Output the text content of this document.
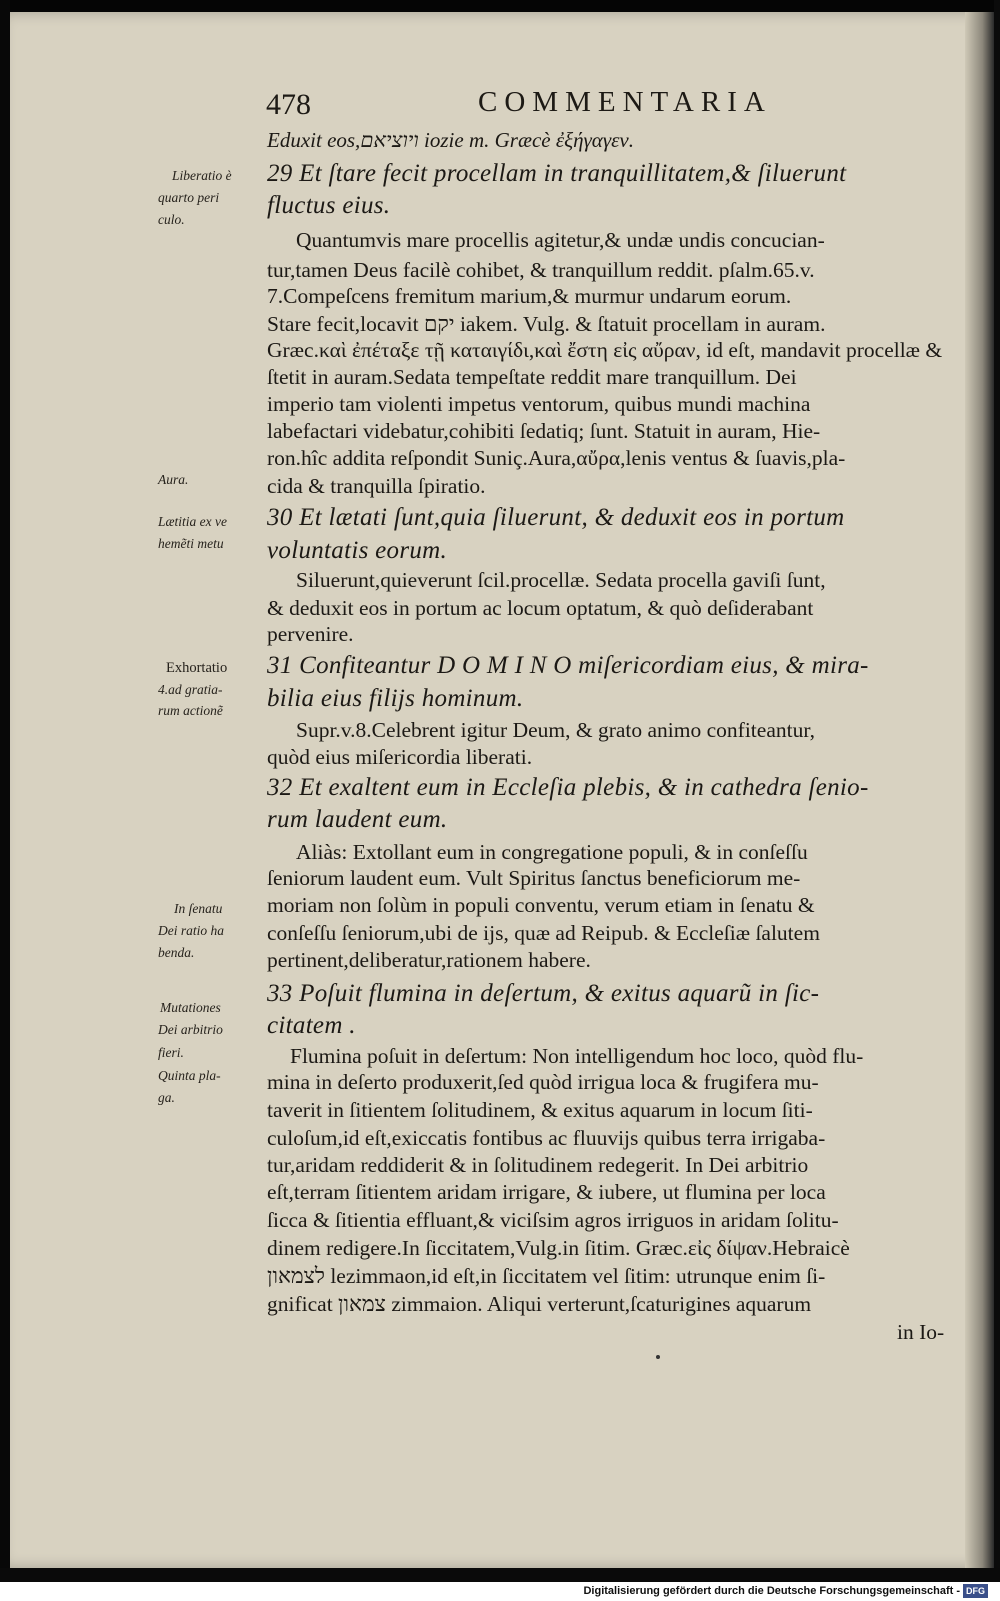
478	COMMENTARIA
Eduxit eos,ויוציאם iozie m. Græcè ἐξήγαγεν.
29 Et ſtare fecit procellam in tranquillitatem,& ſiluerunt
fluctus eius.
Quantumvis mare procellis agitetur,& undæ undis concucian-
tur,tamen Deus facilè cohibet, & tranquillum reddit. pſalm.65.v.
7.Compeſcens fremitum marium,& murmur undarum eorum.
Stare fecit,locavit יקם iakem. Vulg. & ſtatuit procellam in auram.
Græc.καὶ ἐπέταξε τῇ καταιγίδι,καὶ ἔστη εἰς αὔραν, id eſt, mandavit procellæ &
ſtetit in auram.Sedata tempeſtate reddit mare tranquillum. Dei
imperio tam violenti impetus ventorum, quibus mundi machina
labefactari videbatur,cohibiti ſedatiq; ſunt. Statuit in auram, Hie-
ron.hîc addita reſpondit Suniç.Aura,αὔρα,lenis ventus & ſuavis,pla-
cida & tranquilla ſpiratio.
30 Et lætati ſunt,quia ſiluerunt, & deduxit eos in portum
voluntatis eorum.
Siluerunt,quieverunt ſcil.procellæ. Sedata procella gaviſi ſunt,
& deduxit eos in portum ac locum optatum, & quò deſiderabant
pervenire.
31 Confiteantur D O M I N O miſericordiam eius, & mira-
bilia eius filijs hominum.
Supr.v.8.Celebrent igitur Deum, & grato animo confiteantur,
quòd eius miſericordia liberati.
32 Et exaltent eum in Eccleſia plebis, & in cathedra ſenio-
rum laudent eum.
Aliàs: Extollant eum in congregatione populi, & in conſeſſu
ſeniorum laudent eum. Vult Spiritus ſanctus beneficiorum me-
moriam non ſolùm in populi conventu, verum etiam in ſenatu &
conſeſſu ſeniorum,ubi de ijs, quæ ad Reipub. & Eccleſiæ ſalutem
pertinent,deliberatur,rationem habere.
33 Poſuit flumina in deſertum, & exitus aquarũ in ſic-
citatem .
Flumina poſuit in deſertum: Non intelligendum hoc loco, quòd flu-
mina in deſerto produxerit,ſed quòd irrigua loca & frugifera mu-
taverit in ſitientem ſolitudinem, & exitus aquarum in locum ſiti-
culoſum,id eſt,exiccatis fontibus ac fluuvijs quibus terra irrigaba-
tur,aridam reddiderit & in ſolitudinem redegerit. In Dei arbitrio
eſt,terram ſitientem aridam irrigare, & iubere, ut flumina per loca
ſicca & ſitientia effluant,& viciſsim agros irriguos in aridam ſolitu-
dinem redigere.In ſiccitatem,Vulg.in ſitim. Græc.εἰς δίψαν.Hebraicè
לצמאון lezimmaon,id eſt,in ſiccitatem vel ſitim: utrunque enim ſi-
gnificat צמאון zimmaion. Aliqui verterunt,ſcaturigines aquarum
in Io-
Liberatio è
quarto peri
culo.
Aura.
Lætitia ex ve
hemẽti metu
Exhortatio
4.ad gratia-
rum actionẽ
In ſenatu
Dei ratio ha
benda.
Mutationes
Dei arbitrio
fieri.
Quinta pla-
ga.
Digitalisierung gefördert durch die Deutsche Forschungsgemeinschaft - DFG
